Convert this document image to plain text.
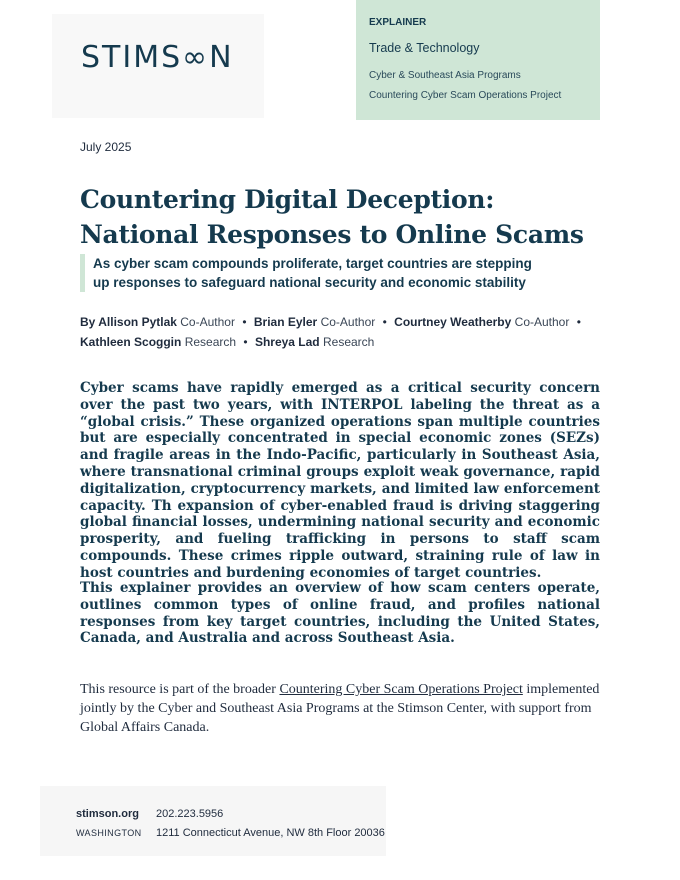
STIMS∞N
EXPLAINER
Trade & Technology
Cyber & Southeast Asia Programs
Countering Cyber Scam Operations Project
July 2025
Countering Digital Deception: National Responses to Online Scams
As cyber scam compounds proliferate, target countries are stepping up responses to safeguard national security and economic stability
By Allison Pytlak Co-Author • Brian Eyler Co-Author • Courtney Weatherby Co-Author • Kathleen Scoggin Research • Shreya Lad Research

Cyber scams have rapidly emerged as a critical security concern over the past two years, with INTERPOL labeling the threat as a “global crisis.” These organized operations span multiple countries but are especially concentrated in special economic zones (SEZs) and fragile areas in the Indo-Pacific, particularly in Southeast Asia, where transnational criminal groups exploit weak governance, rapid digitalization, cryptocurrency markets, and limited law enforcement capacity. Th expansion of cyber-enabled fraud is driving staggering global financial losses, undermining national security and economic prosperity, and fueling trafficking in persons to staff scam compounds. These crimes ripple outward, straining rule of law in host countries and burdening economies of target countries.

This explainer provides an overview of how scam centers operate, outlines common types of online fraud, and profiles national responses from key target countries, including the United States, Canada, and Australia and across Southeast Asia.

This resource is part of the broader Countering Cyber Scam Operations Project implemented jointly by the Cyber and Southeast Asia Programs at the Stimson Center, with support from Global Affairs Canada.

stimson.org 202.223.5956
WASHINGTON 1211 Connecticut Avenue, NW 8th Floor 20036
